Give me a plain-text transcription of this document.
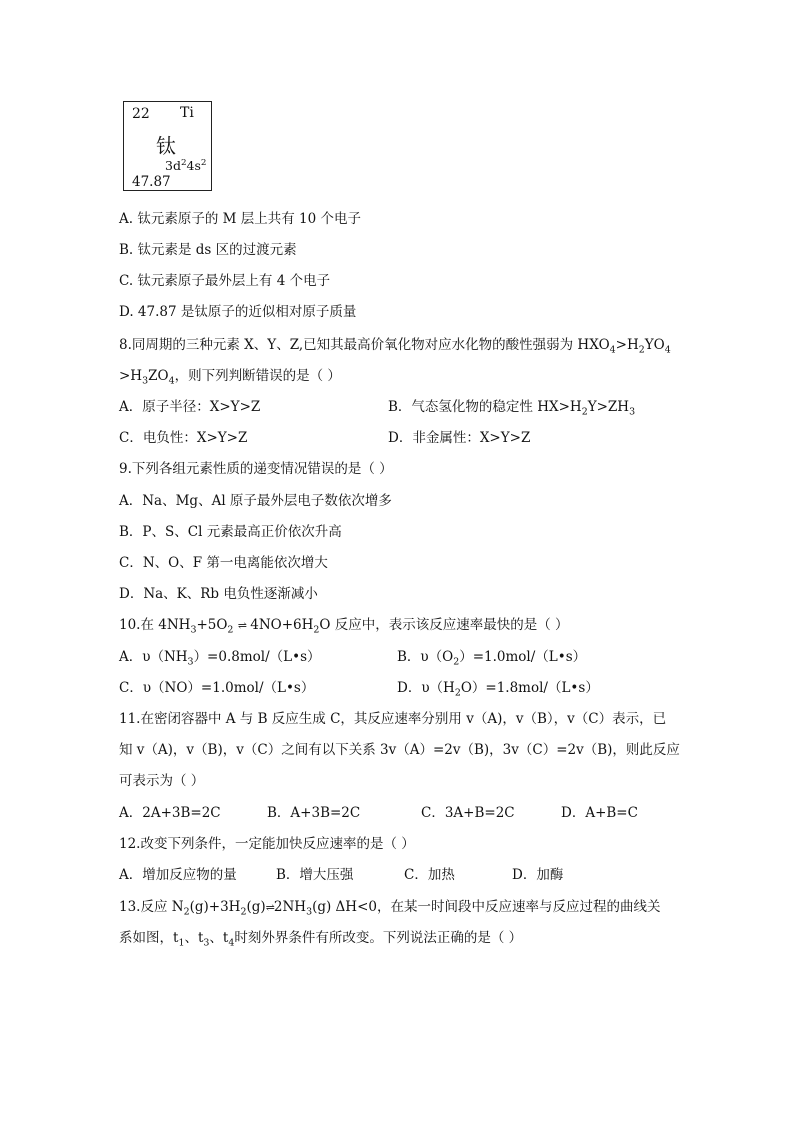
22 Ti
钛
$3d^24s^2$
47.87
A. 钛元素原子的 M 层上共有 10 个电子
B. 钛元素是 ds 区的过渡元素
C. 钛元素原子最外层上有 4 个电子
D. 47.87 是钛原子的近似相对原子质量
8.同周期的三种元素 X、Y、Z,已知其最高价氧化物对应水化物的酸性强弱为 $HXO_4>H_2YO_4$
$>H_3ZO_4$，则下列判断错误的是（ ）
A．原子半径：X>Y>Z	B．气态氢化物的稳定性 $HX>H_2Y>ZH_3$
C．电负性：X>Y>Z	D．非金属性：X>Y>Z
9.下列各组元素性质的递变情况错误的是（ ）
A．Na、Mg、Al 原子最外层电子数依次增多
B．P、S、Cl 元素最高正价依次升高
C．N、O、F 第一电离能依次增大
D．Na、K、Rb 电负性逐渐减小
10.在 $4NH_3+5O_2$ ⇌ $4NO+6H_2O$ 反应中，表示该反应速率最快的是（ ）
A．$\upsilon(NH_3)=0.8mol/(L•s)$	B．$\upsilon(O_2)=1.0mol/(L•s)$
C．υ（NO）=1.0mol/（L•s）	D．$\upsilon(H_2O)=1.8mol/(L•s)$
11.在密闭容器中 A 与 B 反应生成 C，其反应速率分别用 v（A)，v（B），v（C）表示，已
知 v（A)，v（B)，v（C）之间有以下关系 3v（A）=2v（B)，3v（C）=2v（B)，则此反应
可表示为（ ）
A．2A+3B=2C	B．A+3B=2C	C．3A+B=2C	D．A+B=C
12.改变下列条件，一定能加快反应速率的是（ ）
A．增加反应物的量	B．增大压强	C．加热	D．加酶
13.反应 $N_2(g)+3H_2(g)\rightleftharpoons 2NH_3(g)$ ΔH<0，在某一时间段中反应速率与反应过程的曲线关
系如图，$t_1$、$t_3$、$t_4$时刻外界条件有所改变。下列说法正确的是（ ）
